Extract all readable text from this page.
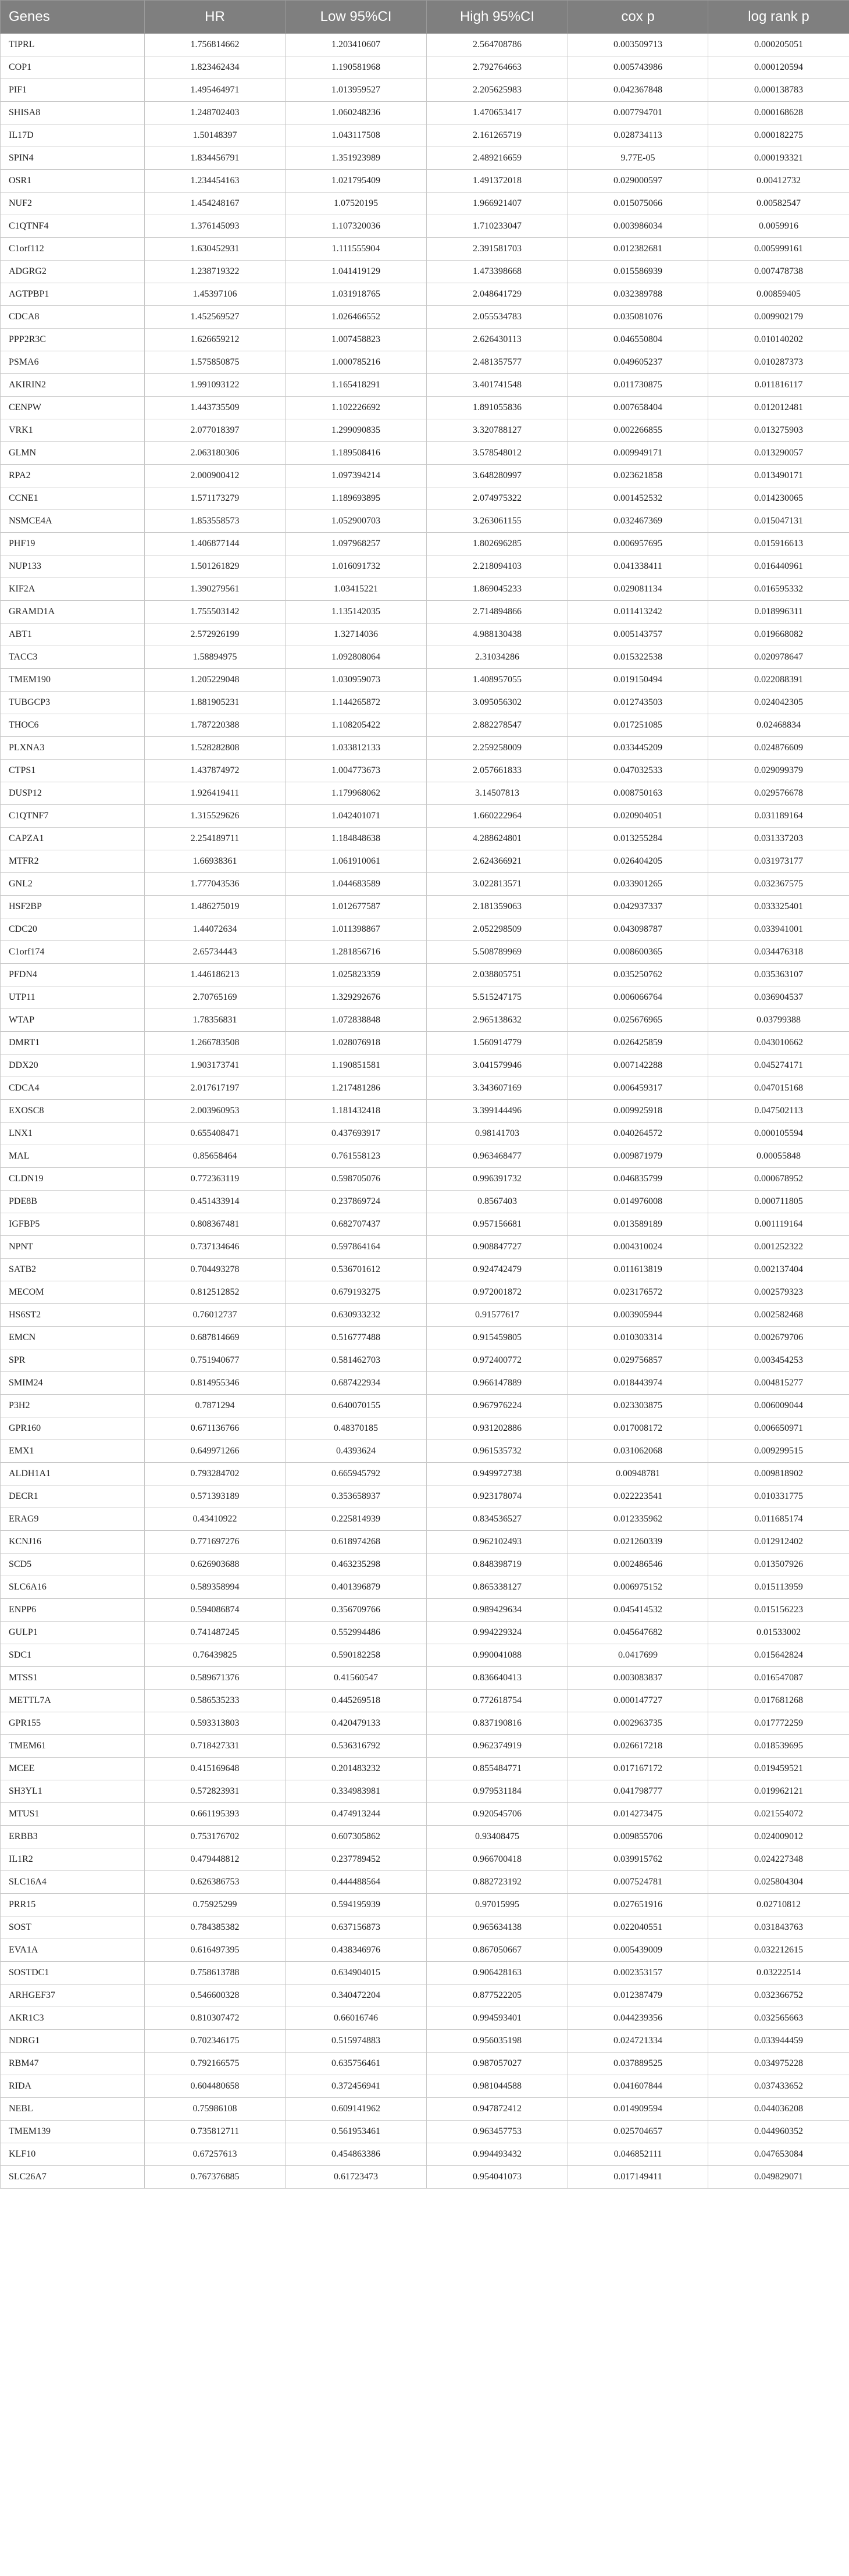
Genes	HR	Low 95%CI	High 95%CI	cox p	log rank p
TIPRL	1.756814662	1.203410607	2.564708786	0.003509713	0.000205051
COP1	1.823462434	1.190581968	2.792764663	0.005743986	0.000120594
PIF1	1.495464971	1.013959527	2.205625983	0.042367848	0.000138783
SHISA8	1.248702403	1.060248236	1.470653417	0.007794701	0.000168628
IL17D	1.50148397	1.043117508	2.161265719	0.028734113	0.000182275
SPIN4	1.834456791	1.351923989	2.489216659	9.77E-05	0.000193321
OSR1	1.234454163	1.021795409	1.491372018	0.029000597	0.00412732
NUF2	1.454248167	1.07520195	1.966921407	0.015075066	0.00582547
C1QTNF4	1.376145093	1.107320036	1.710233047	0.003986034	0.0059916
C1orf112	1.630452931	1.111555904	2.391581703	0.012382681	0.005999161
ADGRG2	1.238719322	1.041419129	1.473398668	0.015586939	0.007478738
AGTPBP1	1.45397106	1.031918765	2.048641729	0.032389788	0.00859405
CDCA8	1.452569527	1.026466552	2.055534783	0.035081076	0.009902179
PPP2R3C	1.626659212	1.007458823	2.626430113	0.046550804	0.010140202
PSMA6	1.575850875	1.000785216	2.481357577	0.049605237	0.010287373
AKIRIN2	1.991093122	1.165418291	3.401741548	0.011730875	0.011816117
CENPW	1.443735509	1.102226692	1.891055836	0.007658404	0.012012481
VRK1	2.077018397	1.299090835	3.320788127	0.002266855	0.013275903
GLMN	2.063180306	1.189508416	3.578548012	0.009949171	0.013290057
RPA2	2.000900412	1.097394214	3.648280997	0.023621858	0.013490171
CCNE1	1.571173279	1.189693895	2.074975322	0.001452532	0.014230065
NSMCE4A	1.853558573	1.052900703	3.263061155	0.032467369	0.015047131
PHF19	1.406877144	1.097968257	1.802696285	0.006957695	0.015916613
NUP133	1.501261829	1.016091732	2.218094103	0.041338411	0.016440961
KIF2A	1.390279561	1.03415221	1.869045233	0.029081134	0.016595332
GRAMD1A	1.755503142	1.135142035	2.714894866	0.011413242	0.018996311
ABT1	2.572926199	1.32714036	4.988130438	0.005143757	0.019668082
TACC3	1.58894975	1.092808064	2.31034286	0.015322538	0.020978647
TMEM190	1.205229048	1.030959073	1.408957055	0.019150494	0.022088391
TUBGCP3	1.881905231	1.144265872	3.095056302	0.012743503	0.024042305
THOC6	1.787220388	1.108205422	2.882278547	0.017251085	0.02468834
PLXNA3	1.528282808	1.033812133	2.259258009	0.033445209	0.024876609
CTPS1	1.437874972	1.004773673	2.057661833	0.047032533	0.029099379
DUSP12	1.926419411	1.179968062	3.14507813	0.008750163	0.029576678
C1QTNF7	1.315529626	1.042401071	1.660222964	0.020904051	0.031189164
CAPZA1	2.254189711	1.184848638	4.288624801	0.013255284	0.031337203
MTFR2	1.66938361	1.061910061	2.624366921	0.026404205	0.031973177
GNL2	1.777043536	1.044683589	3.022813571	0.033901265	0.032367575
HSF2BP	1.486275019	1.012677587	2.181359063	0.042937337	0.033325401
CDC20	1.44072634	1.011398867	2.052298509	0.043098787	0.033941001
C1orf174	2.65734443	1.281856716	5.508789969	0.008600365	0.034476318
PFDN4	1.446186213	1.025823359	2.038805751	0.035250762	0.035363107
UTP11	2.70765169	1.329292676	5.515247175	0.006066764	0.036904537
WTAP	1.78356831	1.072838848	2.965138632	0.025676965	0.03799388
DMRT1	1.266783508	1.028076918	1.560914779	0.026425859	0.043010662
DDX20	1.903173741	1.190851581	3.041579946	0.007142288	0.045274171
CDCA4	2.017617197	1.217481286	3.343607169	0.006459317	0.047015168
EXOSC8	2.003960953	1.181432418	3.399144496	0.009925918	0.047502113
LNX1	0.655408471	0.437693917	0.98141703	0.040264572	0.000105594
MAL	0.85658464	0.761558123	0.963468477	0.009871979	0.00055848
CLDN19	0.772363119	0.598705076	0.996391732	0.046835799	0.000678952
PDE8B	0.451433914	0.237869724	0.8567403	0.014976008	0.000711805
IGFBP5	0.808367481	0.682707437	0.957156681	0.013589189	0.001119164
NPNT	0.737134646	0.597864164	0.908847727	0.004310024	0.001252322
SATB2	0.704493278	0.536701612	0.924742479	0.011613819	0.002137404
MECOM	0.812512852	0.679193275	0.972001872	0.023176572	0.002579323
HS6ST2	0.76012737	0.630933232	0.91577617	0.003905944	0.002582468
EMCN	0.687814669	0.516777488	0.915459805	0.010303314	0.002679706
SPR	0.751940677	0.581462703	0.972400772	0.029756857	0.003454253
SMIM24	0.814955346	0.687422934	0.966147889	0.018443974	0.004815277
P3H2	0.7871294	0.640070155	0.967976224	0.023303875	0.006009044
GPR160	0.671136766	0.48370185	0.931202886	0.017008172	0.006650971
EMX1	0.649971266	0.4393624	0.961535732	0.031062068	0.009299515
ALDH1A1	0.793284702	0.665945792	0.949972738	0.00948781	0.009818902
DECR1	0.571393189	0.353658937	0.923178074	0.022223541	0.010331775
ERAG9	0.43410922	0.225814939	0.834536527	0.012335962	0.011685174
KCNJ16	0.771697276	0.618974268	0.962102493	0.021260339	0.012912402
SCD5	0.626903688	0.463235298	0.848398719	0.002486546	0.013507926
SLC6A16	0.589358994	0.401396879	0.865338127	0.006975152	0.015113959
ENPP6	0.594086874	0.356709766	0.989429634	0.045414532	0.015156223
GULP1	0.741487245	0.552994486	0.994229324	0.045647682	0.01533002
SDC1	0.76439825	0.590182258	0.990041088	0.0417699	0.015642824
MTSS1	0.589671376	0.41560547	0.836640413	0.003083837	0.016547087
METTL7A	0.586535233	0.445269518	0.772618754	0.000147727	0.017681268
GPR155	0.593313803	0.420479133	0.837190816	0.002963735	0.017772259
TMEM61	0.718427331	0.536316792	0.962374919	0.026617218	0.018539695
MCEE	0.415169648	0.201483232	0.855484771	0.017167172	0.019459521
SH3YL1	0.572823931	0.334983981	0.979531184	0.041798777	0.019962121
MTUS1	0.661195393	0.474913244	0.920545706	0.014273475	0.021554072
ERBB3	0.753176702	0.607305862	0.93408475	0.009855706	0.024009012
IL1R2	0.479448812	0.237789452	0.966700418	0.039915762	0.024227348
SLC16A4	0.626386753	0.444488564	0.882723192	0.007524781	0.025804304
PRR15	0.75925299	0.594195939	0.97015995	0.027651916	0.02710812
SOST	0.784385382	0.637156873	0.965634138	0.022040551	0.031843763
EVA1A	0.616497395	0.438346976	0.867050667	0.005439009	0.032212615
SOSTDC1	0.758613788	0.634904015	0.906428163	0.002353157	0.03222514
ARHGEF37	0.546600328	0.340472204	0.877522205	0.012387479	0.032366752
AKR1C3	0.810307472	0.66016746	0.994593401	0.044239356	0.032565663
NDRG1	0.702346175	0.515974883	0.956035198	0.024721334	0.033944459
RBM47	0.792166575	0.635756461	0.987057027	0.037889525	0.034975228
RIDA	0.604480658	0.372456941	0.981044588	0.041607844	0.037433652
NEBL	0.75986108	0.609141962	0.947872412	0.014909594	0.044036208
TMEM139	0.735812711	0.561953461	0.963457753	0.025704657	0.044960352
KLF10	0.67257613	0.454863386	0.994493432	0.046852111	0.047653084
SLC26A7	0.767376885	0.61723473	0.954041073	0.017149411	0.049829071
